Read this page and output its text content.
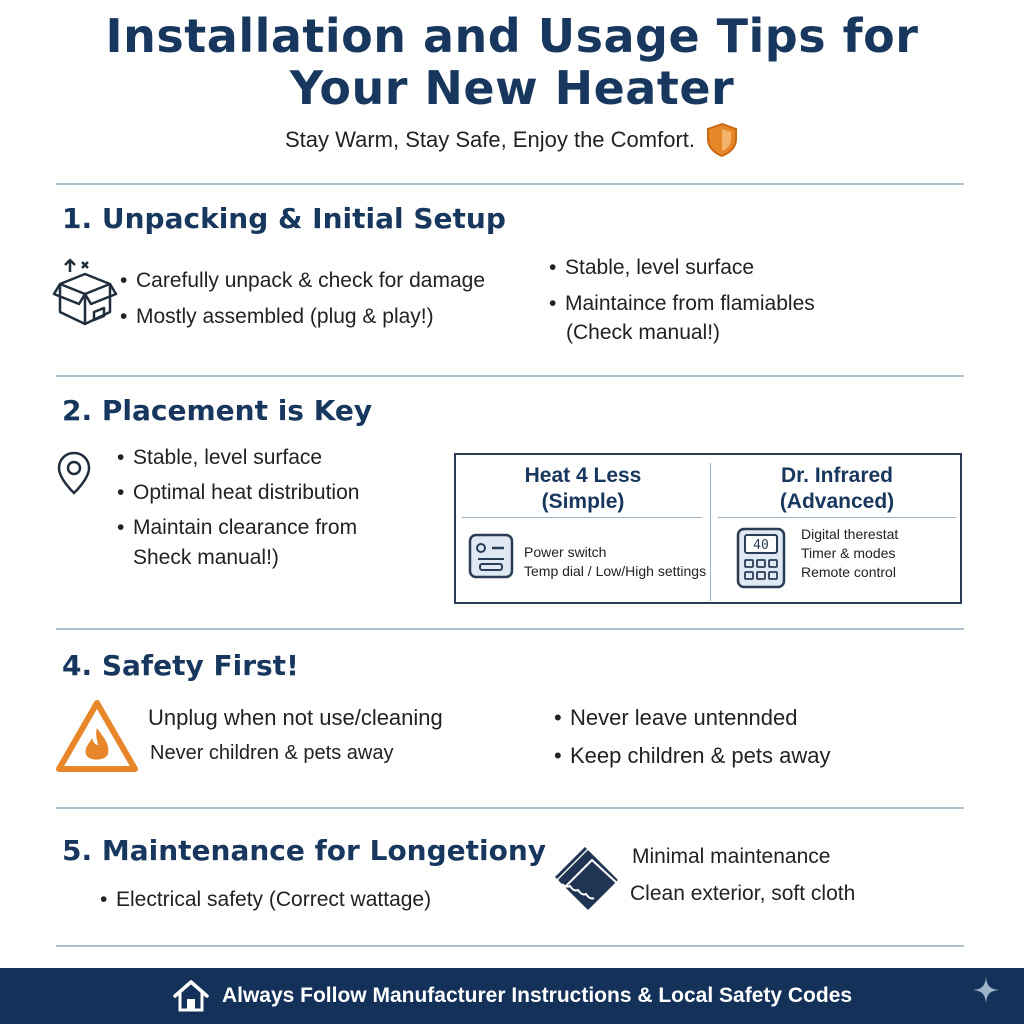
Installation and Usage Tips for
Your New Heater
Stay Warm, Stay Safe, Enjoy the Comfort.
1. Unpacking & Initial Setup
• Carefully unpack & check for damage
• Mostly assembled (plug & play!)
• Stable, level surface
• Maintaince from flamiables
(Check manual!)
2. Placement is Key
• Stable, level surface
• Optimal heat distribution
• Maintain clearance from
Sheck manual!)
Heat 4 Less
(Simple)
Dr. Infrared
(Advanced)
Power switch
Temp dial / Low/High settings
40
Digital therestat
Timer & modes
Remote control
4. Safety First!
Unplug when not use/cleaning
Never children & pets away
• Never leave untennded
• Keep children & pets away
5. Maintenance for Longetiony
• Electrical safety (Correct wattage)
Minimal maintenance
Clean exterior, soft cloth
Always Follow Manufacturer Instructions & Local Safety Codes
